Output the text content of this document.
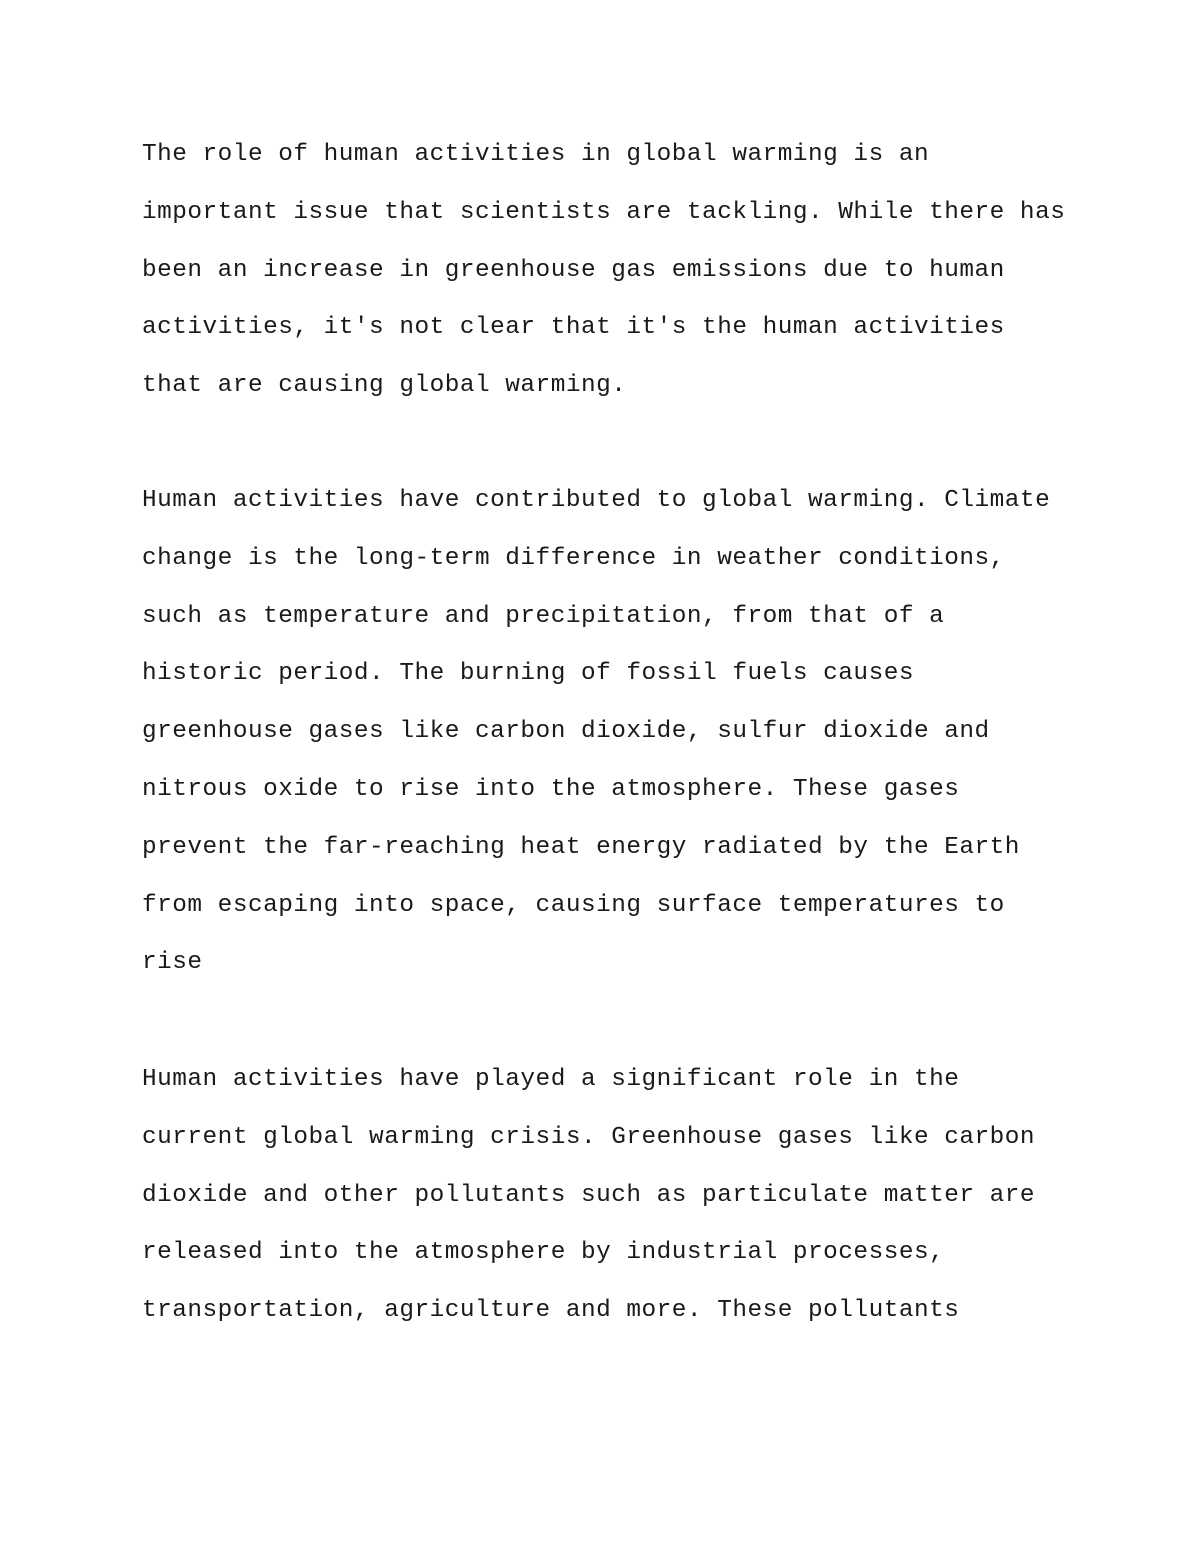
The role of human activities in global warming is an
important issue that scientists are tackling. While there has
been an increase in greenhouse gas emissions due to human
activities, it's not clear that it's the human activities
that are causing global warming.

Human activities have contributed to global warming. Climate
change is the long-term difference in weather conditions,
such as temperature and precipitation, from that of a
historic period. The burning of fossil fuels causes
greenhouse gases like carbon dioxide, sulfur dioxide and
nitrous oxide to rise into the atmosphere. These gases
prevent the far-reaching heat energy radiated by the Earth
from escaping into space, causing surface temperatures to
rise

Human activities have played a significant role in the
current global warming crisis. Greenhouse gases like carbon
dioxide and other pollutants such as particulate matter are
released into the atmosphere by industrial processes,
transportation, agriculture and more. These pollutants
